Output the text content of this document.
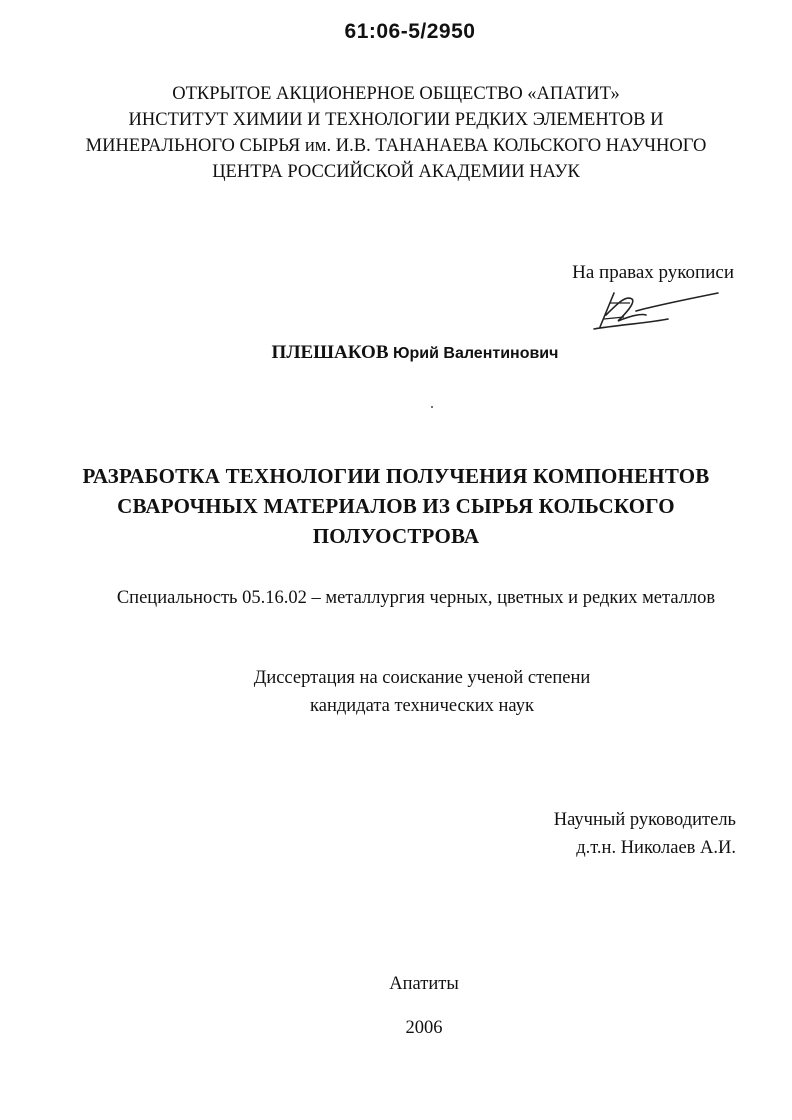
61:06-5/2950
ОТКРЫТОЕ АКЦИОНЕРНОЕ ОБЩЕСТВО «АПАТИТ»
ИНСТИТУТ ХИМИИ И ТЕХНОЛОГИИ РЕДКИХ ЭЛЕМЕНТОВ И
МИНЕРАЛЬНОГО СЫРЬЯ им. И.В. ТАНАНАЕВА КОЛЬСКОГО НАУЧНОГО
ЦЕНТРА РОССИЙСКОЙ АКАДЕМИИ НАУК
На правах рукописи
ПЛЕШАКОВ Юрий Валентинович
РАЗРАБОТКА ТЕХНОЛОГИИ ПОЛУЧЕНИЯ КОМПОНЕНТОВ
СВАРОЧНЫХ МАТЕРИАЛОВ ИЗ СЫРЬЯ КОЛЬСКОГО
ПОЛУОСТРОВА
Специальность 05.16.02 – металлургия черных, цветных и редких металлов
Диссертация на соискание ученой степени
кандидата технических наук
Научный руководитель
д.т.н. Николаев А.И.
Апатиты
2006
